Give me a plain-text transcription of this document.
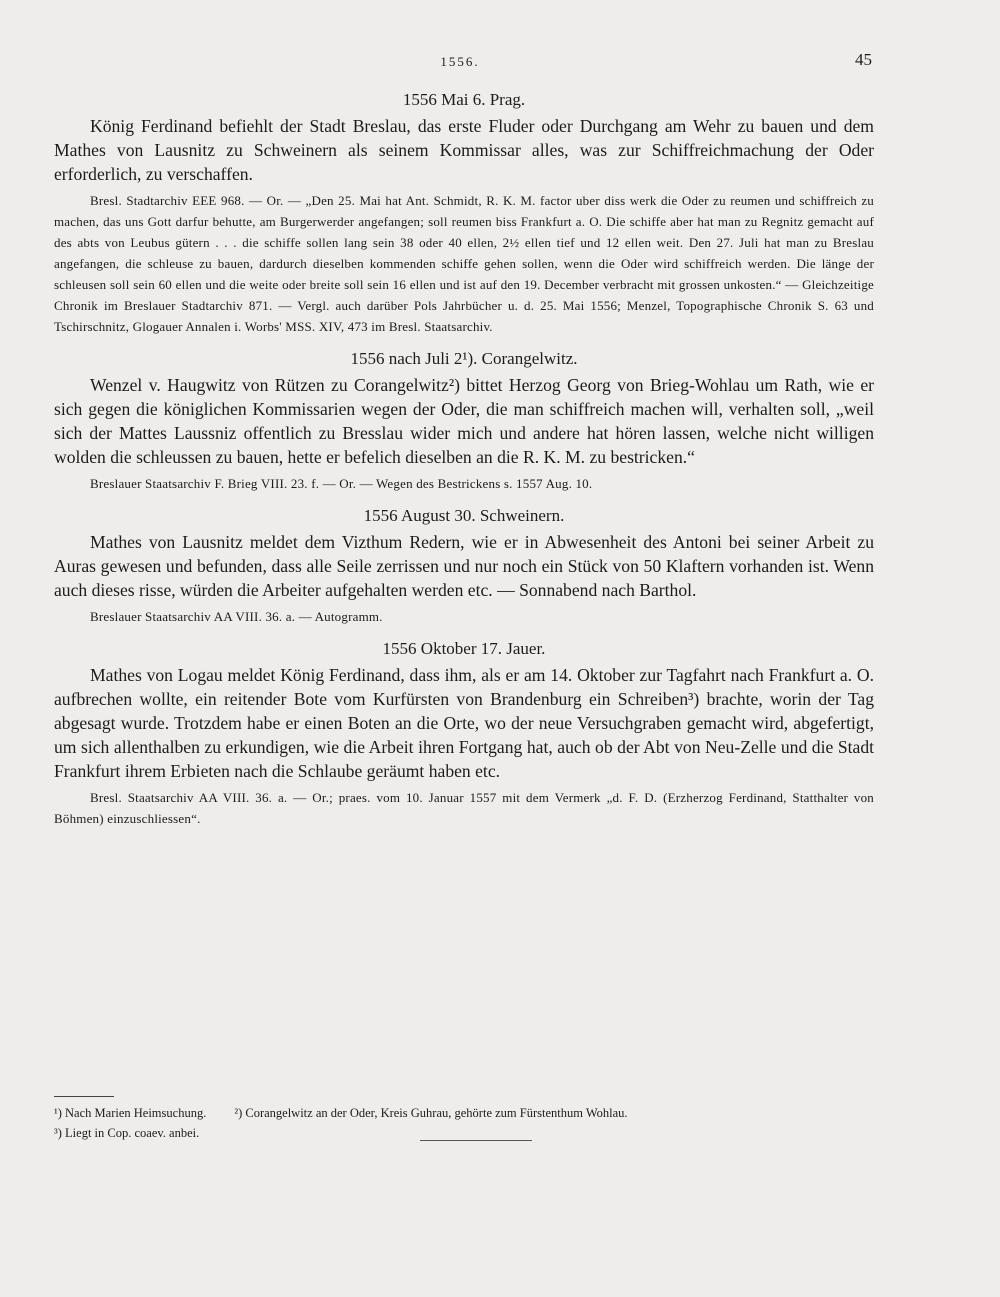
1556.	45
1556 Mai 6. Prag.

König Ferdinand befiehlt der Stadt Breslau, das erste Fluder oder Durchgang am Wehr zu bauen und dem Mathes von Lausnitz zu Schweinern als seinem Kommissar alles, was zur Schiffreichmachung der Oder erforderlich, zu verschaffen.

Bresl. Stadtarchiv EEE 968. — Or. — „Den 25. Mai hat Ant. Schmidt, R. K. M. factor uber diss werk die Oder zu reumen und schiffreich zu machen, das uns Gott darfur behutte, am Burgerwerder angefangen; soll reumen biss Frankfurt a. O. Die schiffe aber hat man zu Regnitz gemacht auf des abts von Leubus gütern . . . die schiffe sollen lang sein 38 oder 40 ellen, 2½ ellen tief und 12 ellen weit. Den 27. Juli hat man zu Breslau angefangen, die schleuse zu bauen, dardurch dieselben kommenden schiffe gehen sollen, wenn die Oder wird schiffreich werden. Die länge der schleusen soll sein 60 ellen und die weite oder breite soll sein 16 ellen und ist auf den 19. December verbracht mit grossen unkosten.“ — Gleichzeitige Chronik im Breslauer Stadtarchiv 871. — Vergl. auch darüber Pols Jahrbücher u. d. 25. Mai 1556; Menzel, Topographische Chronik S. 63 und Tschirschnitz, Glogauer Annalen i. Worbs' MSS. XIV, 473 im Bresl. Staatsarchiv.

1556 nach Juli 2¹). Corangelwitz.

Wenzel v. Haugwitz von Rützen zu Corangelwitz²) bittet Herzog Georg von Brieg-Wohlau um Rath, wie er sich gegen die königlichen Kommissarien wegen der Oder, die man schiffreich machen will, verhalten soll, „weil sich der Mattes Laussniz offentlich zu Bresslau wider mich und andere hat hören lassen, welche nicht willigen wolden die schleussen zu bauen, hette er befelich dieselben an die R. K. M. zu bestricken.“

Breslauer Staatsarchiv F. Brieg VIII. 23. f. — Or. — Wegen des Bestrickens s. 1557 Aug. 10.

1556 August 30. Schweinern.

Mathes von Lausnitz meldet dem Vizthum Redern, wie er in Abwesenheit des Antoni bei seiner Arbeit zu Auras gewesen und befunden, dass alle Seile zerrissen und nur noch ein Stück von 50 Klaftern vorhanden ist. Wenn auch dieses risse, würden die Arbeiter aufgehalten werden etc. — Sonnabend nach Barthol.

Breslauer Staatsarchiv AA VIII. 36. a. — Autogramm.

1556 Oktober 17. Jauer.

Mathes von Logau meldet König Ferdinand, dass ihm, als er am 14. Oktober zur Tagfahrt nach Frankfurt a. O. aufbrechen wollte, ein reitender Bote vom Kurfürsten von Brandenburg ein Schreiben³) brachte, worin der Tag abgesagt wurde. Trotzdem habe er einen Boten an die Orte, wo der neue Versuchgraben gemacht wird, abgefertigt, um sich allenthalben zu erkundigen, wie die Arbeit ihren Fortgang hat, auch ob der Abt von Neu-Zelle und die Stadt Frankfurt ihrem Erbieten nach die Schlaube geräumt haben etc.

Bresl. Staatsarchiv AA VIII. 36. a. — Or.; praes. vom 10. Januar 1557 mit dem Vermerk „d. F. D. (Erzherzog Ferdinand, Statthalter von Böhmen) einzuschliessen“.

¹) Nach Marien Heimsuchung. ²) Corangelwitz an der Oder, Kreis Guhrau, gehörte zum Fürstenthum Wohlau.
³) Liegt in Cop. coaev. anbei.
